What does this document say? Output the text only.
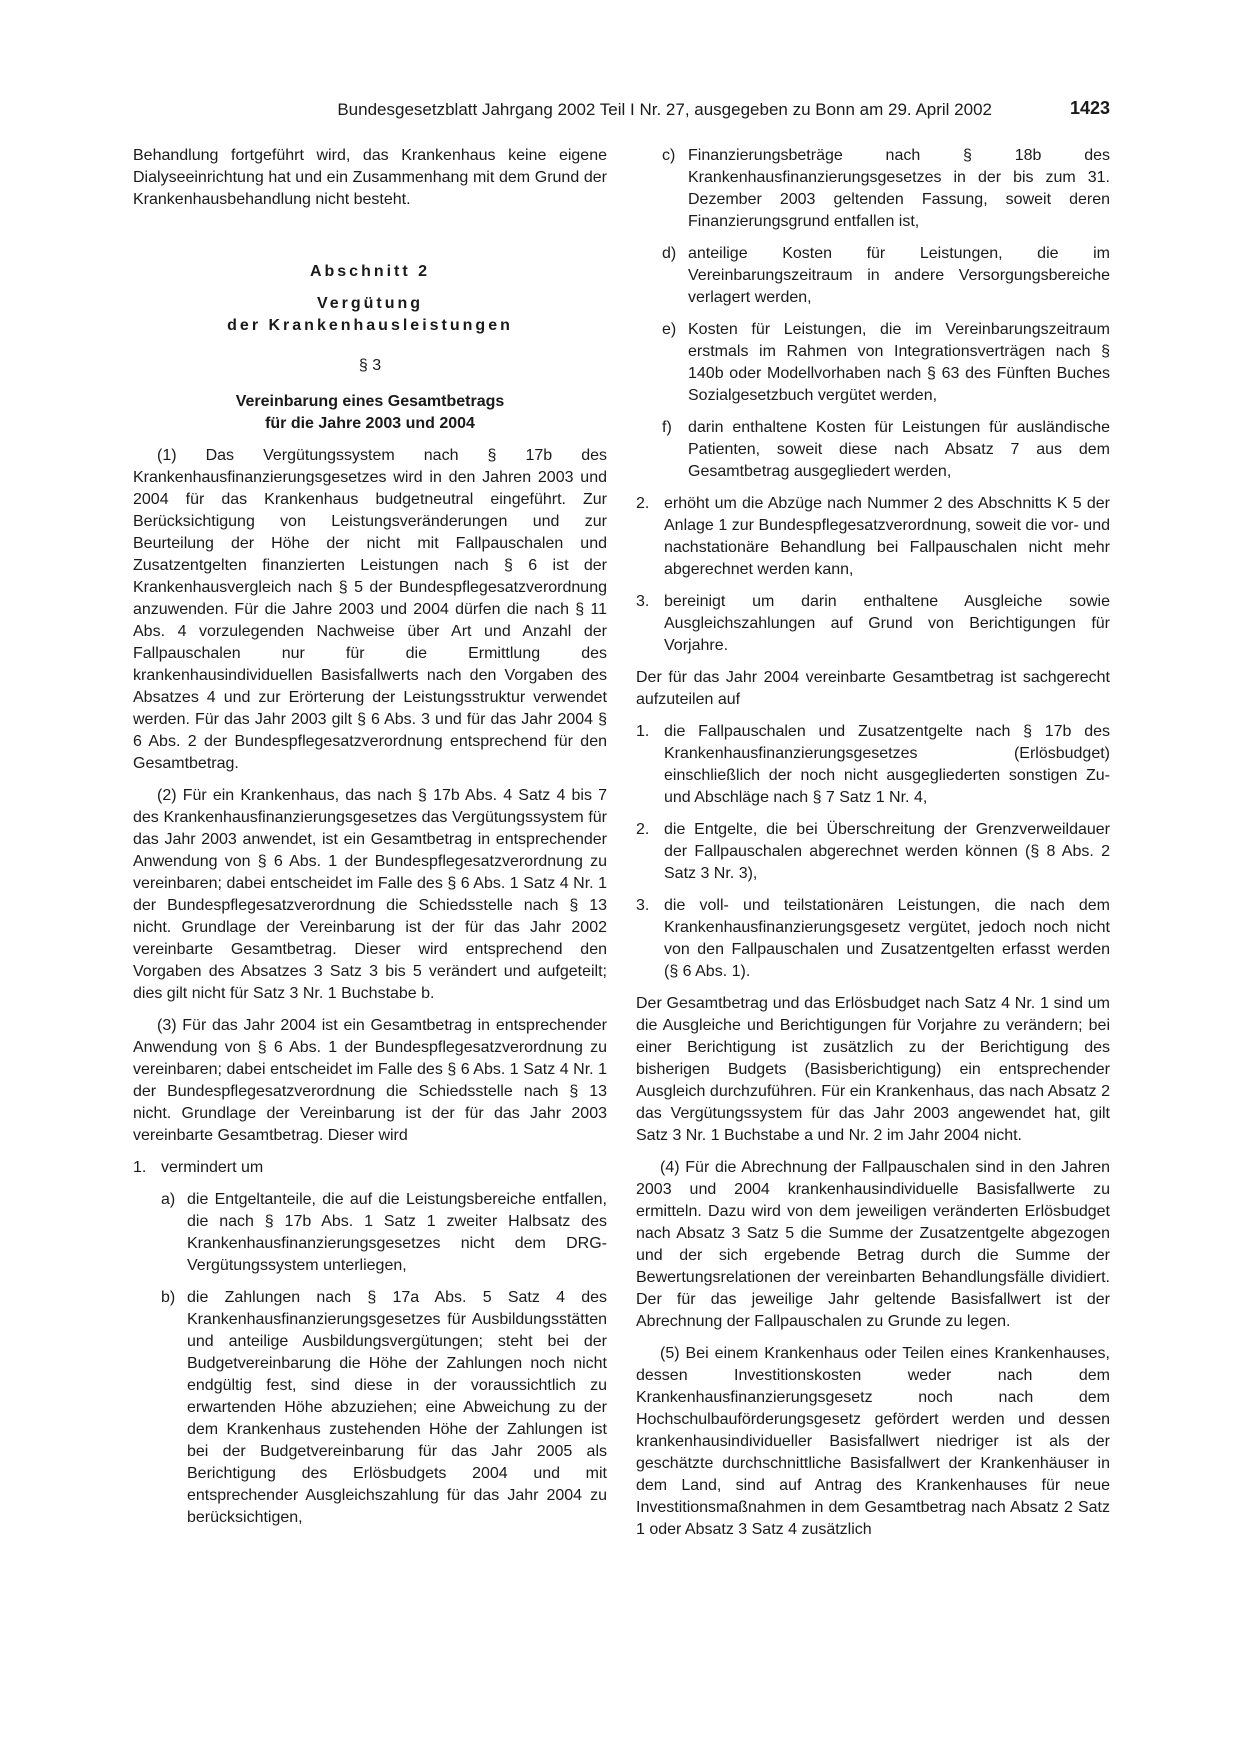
Bundesgesetzblatt Jahrgang 2002 Teil I Nr. 27, ausgegeben zu Bonn am 29. April 2002	1423

Behandlung fortgeführt wird, das Krankenhaus keine eigene Dialyseeinrichtung hat und ein Zusammenhang mit dem Grund der Krankenhausbehandlung nicht besteht.

Abschnitt 2

Vergütung

der Krankenhausleistungen

§ 3

Vereinbarung eines Gesamtbetrags

für die Jahre 2003 und 2004

(1) Das Vergütungssystem nach § 17b des Krankenhausfinanzierungsgesetzes wird in den Jahren 2003 und 2004 für das Krankenhaus budgetneutral eingeführt. Zur Berücksichtigung von Leistungsveränderungen und zur Beurteilung der Höhe der nicht mit Fallpauschalen und Zusatzentgelten finanzierten Leistungen nach § 6 ist der Krankenhausvergleich nach § 5 der Bundespflegesatzverordnung anzuwenden. Für die Jahre 2003 und 2004 dürfen die nach § 11 Abs. 4 vorzulegenden Nachweise über Art und Anzahl der Fallpauschalen nur für die Ermittlung des krankenhausindividuellen Basisfallwerts nach den Vorgaben des Absatzes 4 und zur Erörterung der Leistungsstruktur verwendet werden. Für das Jahr 2003 gilt § 6 Abs. 3 und für das Jahr 2004 § 6 Abs. 2 der Bundespflegesatzverordnung entsprechend für den Gesamtbetrag.

(2) Für ein Krankenhaus, das nach § 17b Abs. 4 Satz 4 bis 7 des Krankenhausfinanzierungsgesetzes das Vergütungssystem für das Jahr 2003 anwendet, ist ein Gesamtbetrag in entsprechender Anwendung von § 6 Abs. 1 der Bundespflegesatzverordnung zu vereinbaren; dabei entscheidet im Falle des § 6 Abs. 1 Satz 4 Nr. 1 der Bundespflegesatzverordnung die Schiedsstelle nach § 13 nicht. Grundlage der Vereinbarung ist der für das Jahr 2002 vereinbarte Gesamtbetrag. Dieser wird entsprechend den Vorgaben des Absatzes 3 Satz 3 bis 5 verändert und aufgeteilt; dies gilt nicht für Satz 3 Nr. 1 Buchstabe b.

(3) Für das Jahr 2004 ist ein Gesamtbetrag in entsprechender Anwendung von § 6 Abs. 1 der Bundespflegesatzverordnung zu vereinbaren; dabei entscheidet im Falle des § 6 Abs. 1 Satz 4 Nr. 1 der Bundespflegesatzverordnung die Schiedsstelle nach § 13 nicht. Grundlage der Vereinbarung ist der für das Jahr 2003 vereinbarte Gesamtbetrag. Dieser wird

1. vermindert um
a) die Entgeltanteile, die auf die Leistungsbereiche entfallen, die nach § 17b Abs. 1 Satz 1 zweiter Halbsatz des Krankenhausfinanzierungsgesetzes nicht dem DRG-Vergütungssystem unterliegen,
b) die Zahlungen nach § 17a Abs. 5 Satz 4 des Krankenhausfinanzierungsgesetzes für Ausbildungsstätten und anteilige Ausbildungsvergütungen; steht bei der Budgetvereinbarung die Höhe der Zahlungen noch nicht endgültig fest, sind diese in der voraussichtlich zu erwartenden Höhe abzuziehen; eine Abweichung zu der dem Krankenhaus zustehenden Höhe der Zahlungen ist bei der Budgetvereinbarung für das Jahr 2005 als Berichtigung des Erlösbudgets 2004 und mit entsprechender Ausgleichszahlung für das Jahr 2004 zu berücksichtigen,
c) Finanzierungsbeträge nach § 18b des Krankenhausfinanzierungsgesetzes in der bis zum 31. Dezember 2003 geltenden Fassung, soweit deren Finanzierungsgrund entfallen ist,
d) anteilige Kosten für Leistungen, die im Vereinbarungszeitraum in andere Versorgungsbereiche verlagert werden,
e) Kosten für Leistungen, die im Vereinbarungszeitraum erstmals im Rahmen von Integrationsverträgen nach § 140b oder Modellvorhaben nach § 63 des Fünften Buches Sozialgesetzbuch vergütet werden,
f)	darin enthaltene Kosten für Leistungen für ausländische Patienten, soweit diese nach Absatz 7 aus dem Gesamtbetrag ausgegliedert werden,
2. erhöht um die Abzüge nach Nummer 2 des Abschnitts K 5 der Anlage 1 zur Bundespflegesatzverordnung, soweit die vor- und nachstationäre Behandlung bei Fallpauschalen nicht mehr abgerechnet werden kann,
3. bereinigt um darin enthaltene Ausgleiche sowie Ausgleichszahlungen auf Grund von Berichtigungen für Vorjahre.

Der für das Jahr 2004 vereinbarte Gesamtbetrag ist sachgerecht aufzuteilen auf

1. die Fallpauschalen und Zusatzentgelte nach § 17b des Krankenhausfinanzierungsgesetzes (Erlösbudget) einschließlich der noch nicht ausgegliederten sonstigen Zu- und Abschläge nach § 7 Satz 1 Nr. 4,
2. die Entgelte, die bei Überschreitung der Grenzverweildauer der Fallpauschalen abgerechnet werden können (§ 8 Abs. 2 Satz 3 Nr. 3),
3. die voll- und teilstationären Leistungen, die nach dem Krankenhausfinanzierungsgesetz vergütet, jedoch noch nicht von den Fallpauschalen und Zusatzentgelten erfasst werden (§ 6 Abs. 1).

Der Gesamtbetrag und das Erlösbudget nach Satz 4 Nr. 1 sind um die Ausgleiche und Berichtigungen für Vorjahre zu verändern; bei einer Berichtigung ist zusätzlich zu der Berichtigung des bisherigen Budgets (Basisberichtigung) ein entsprechender Ausgleich durchzuführen. Für ein Krankenhaus, das nach Absatz 2 das Vergütungssystem für das Jahr 2003 angewendet hat, gilt Satz 3 Nr. 1 Buchstabe a und Nr. 2 im Jahr 2004 nicht.

(4) Für die Abrechnung der Fallpauschalen sind in den Jahren 2003 und 2004 krankenhausindividuelle Basisfallwerte zu ermitteln. Dazu wird von dem jeweiligen veränderten Erlösbudget nach Absatz 3 Satz 5 die Summe der Zusatzentgelte abgezogen und der sich ergebende Betrag durch die Summe der Bewertungsrelationen der vereinbarten Behandlungsfälle dividiert. Der für das jeweilige Jahr geltende Basisfallwert ist der Abrechnung der Fallpauschalen zu Grunde zu legen.

(5) Bei einem Krankenhaus oder Teilen eines Krankenhauses, dessen Investitionskosten weder nach dem Krankenhausfinanzierungsgesetz noch nach dem Hochschulbauförderungsgesetz gefördert werden und dessen krankenhausindividueller Basisfallwert niedriger ist als der geschätzte durchschnittliche Basisfallwert der Krankenhäuser in dem Land, sind auf Antrag des Krankenhauses für neue Investitionsmaßnahmen in dem Gesamtbetrag nach Absatz 2 Satz 1 oder Absatz 3 Satz 4 zusätzlich
